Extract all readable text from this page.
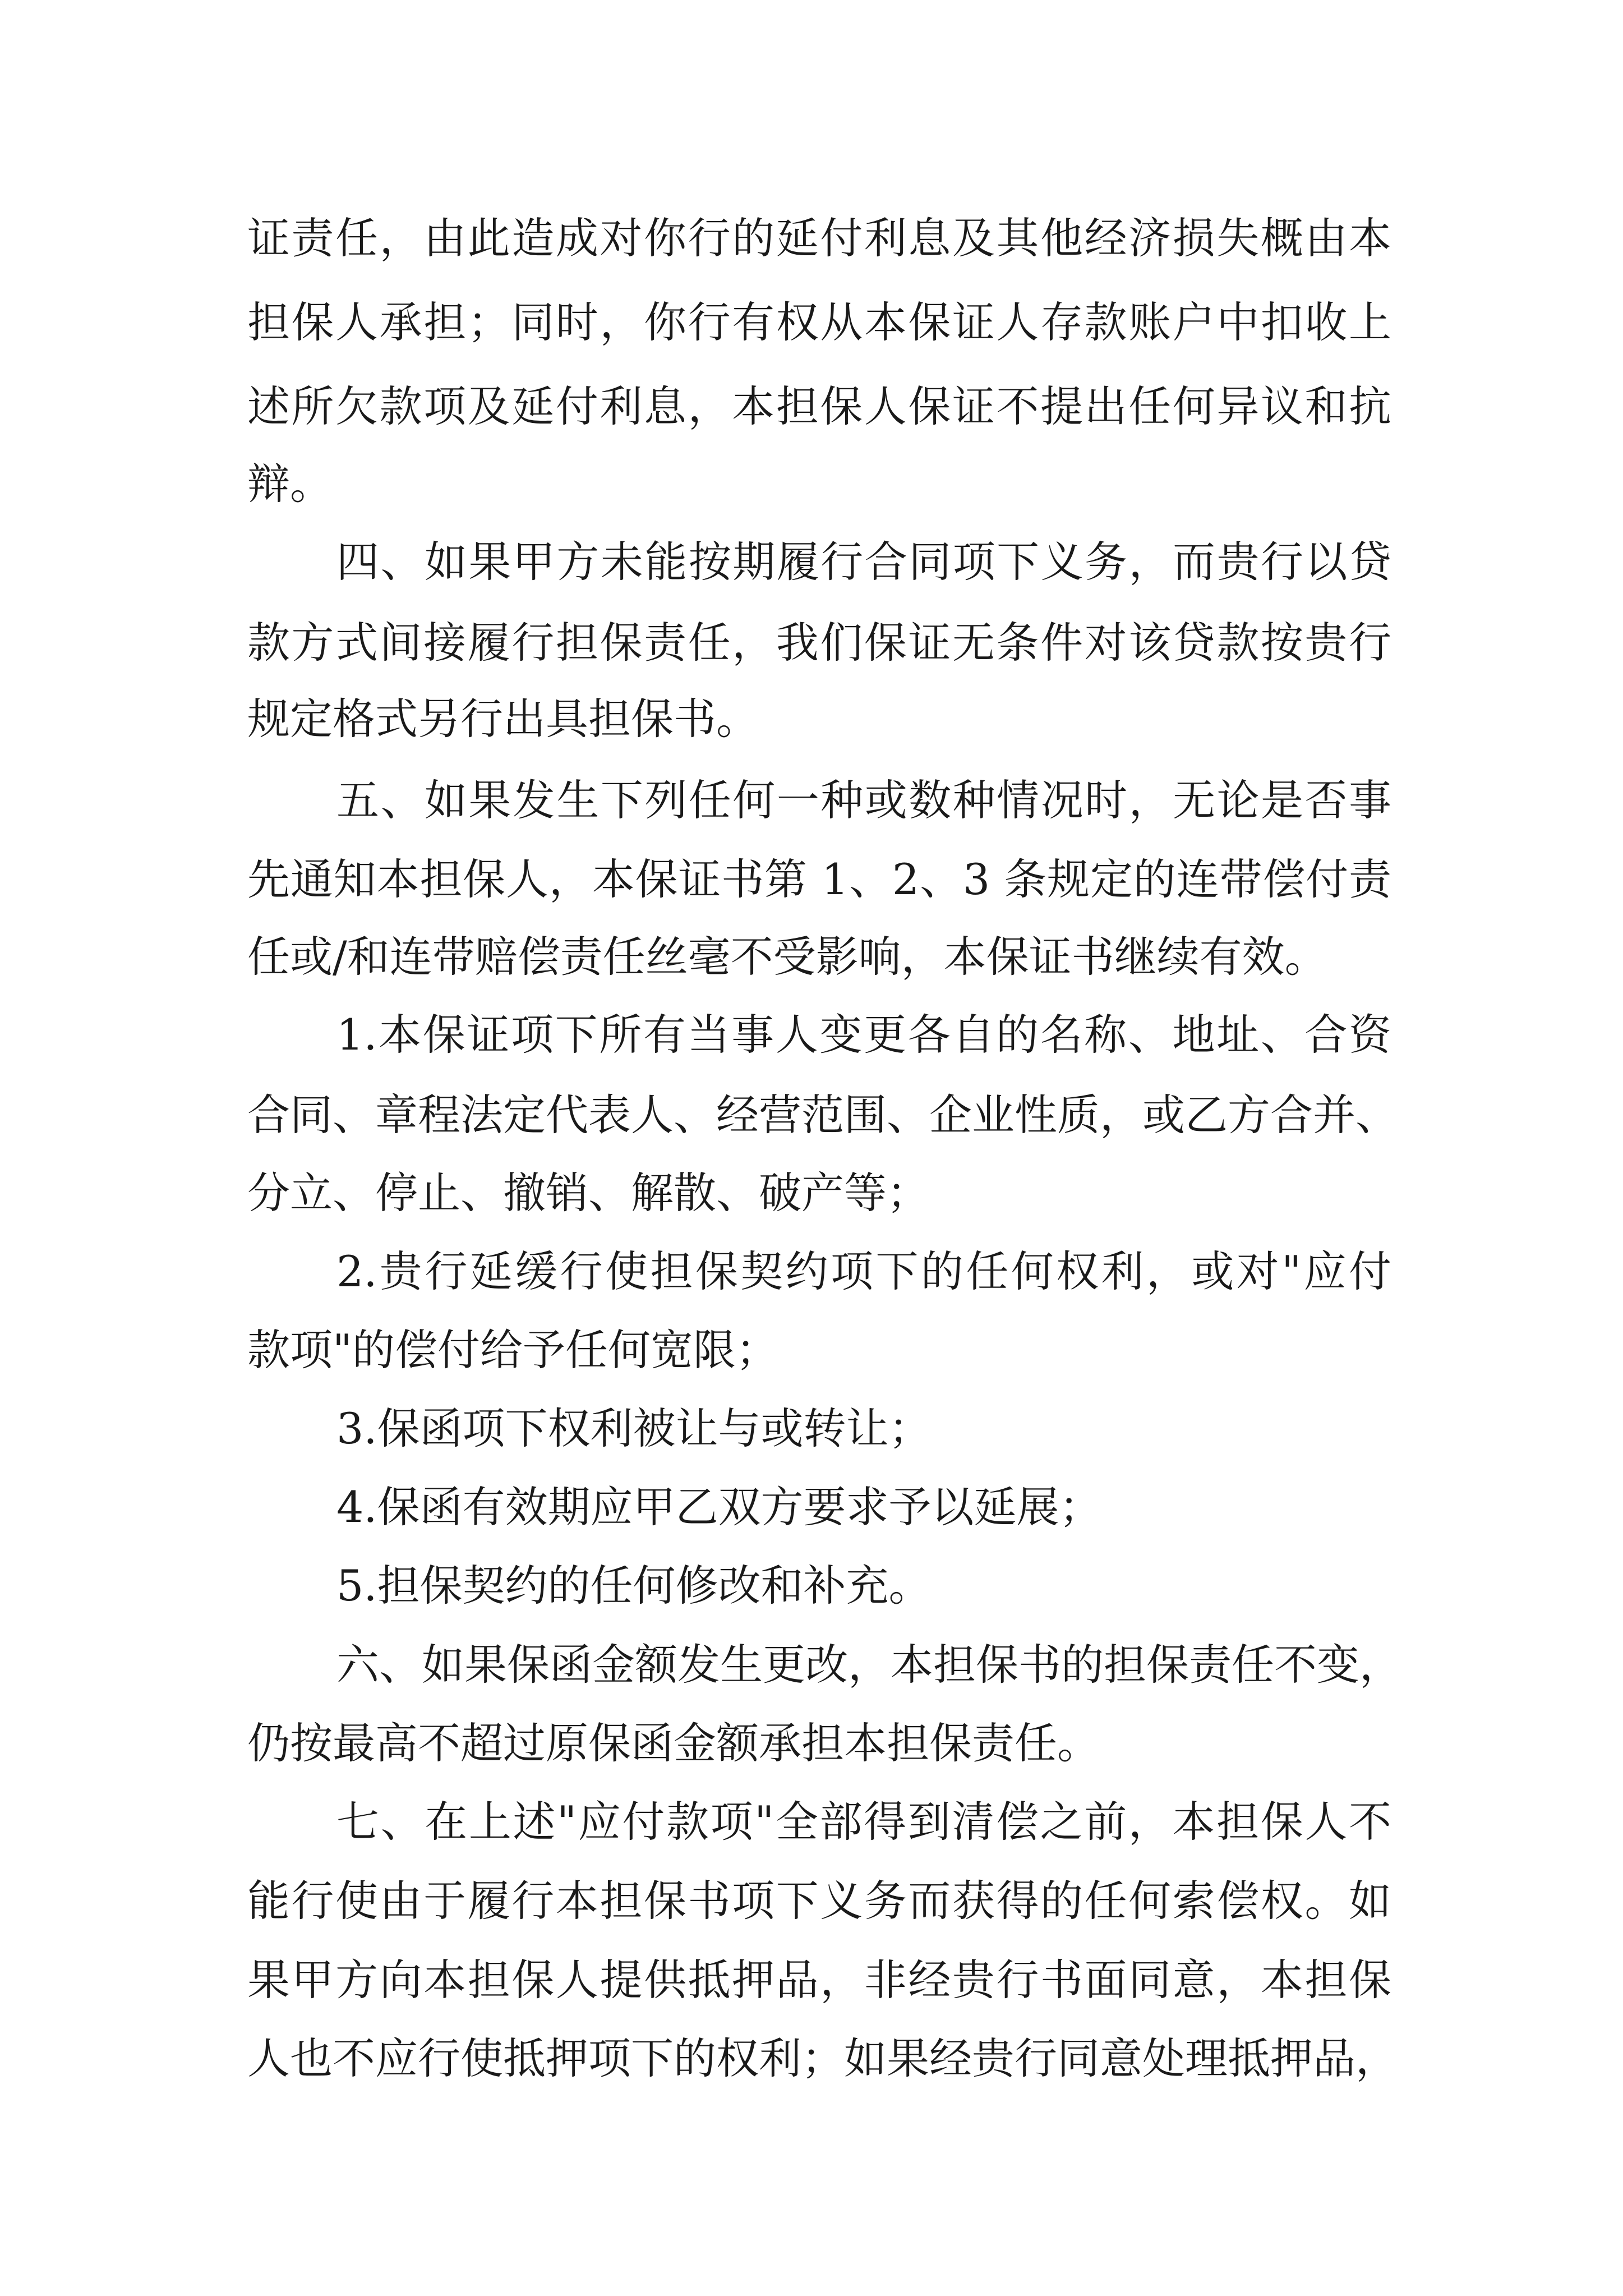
证责任，由此造成对你行的延付利息及其他经济损失概由本
担保人承担；同时，你行有权从本保证人存款账户中扣收上
述所欠款项及延付利息，本担保人保证不提出任何异议和抗
辩。
四、如果甲方未能按期履行合同项下义务，而贵行以贷
款方式间接履行担保责任，我们保证无条件对该贷款按贵行
规定格式另行出具担保书。
五、如果发生下列任何一种或数种情况时，无论是否事
先通知本担保人，本保证书第 1、2、3 条规定的连带偿付责
任或/和连带赔偿责任丝毫不受影响，本保证书继续有效。
1.本保证项下所有当事人变更各自的名称、地址、合资
合同、章程法定代表人、经营范围、企业性质，或乙方合并、
分立、停止、撤销、解散、破产等；
2.贵行延缓行使担保契约项下的任何权利，或对"应付
款项"的偿付给予任何宽限；
3.保函项下权利被让与或转让；
4.保函有效期应甲乙双方要求予以延展；
5.担保契约的任何修改和补充。
六、如果保函金额发生更改，本担保书的担保责任不变，
仍按最高不超过原保函金额承担本担保责任。
七、在上述"应付款项"全部得到清偿之前，本担保人不
能行使由于履行本担保书项下义务而获得的任何索偿权。如
果甲方向本担保人提供抵押品，非经贵行书面同意，本担保
人也不应行使抵押项下的权利；如果经贵行同意处理抵押品，
